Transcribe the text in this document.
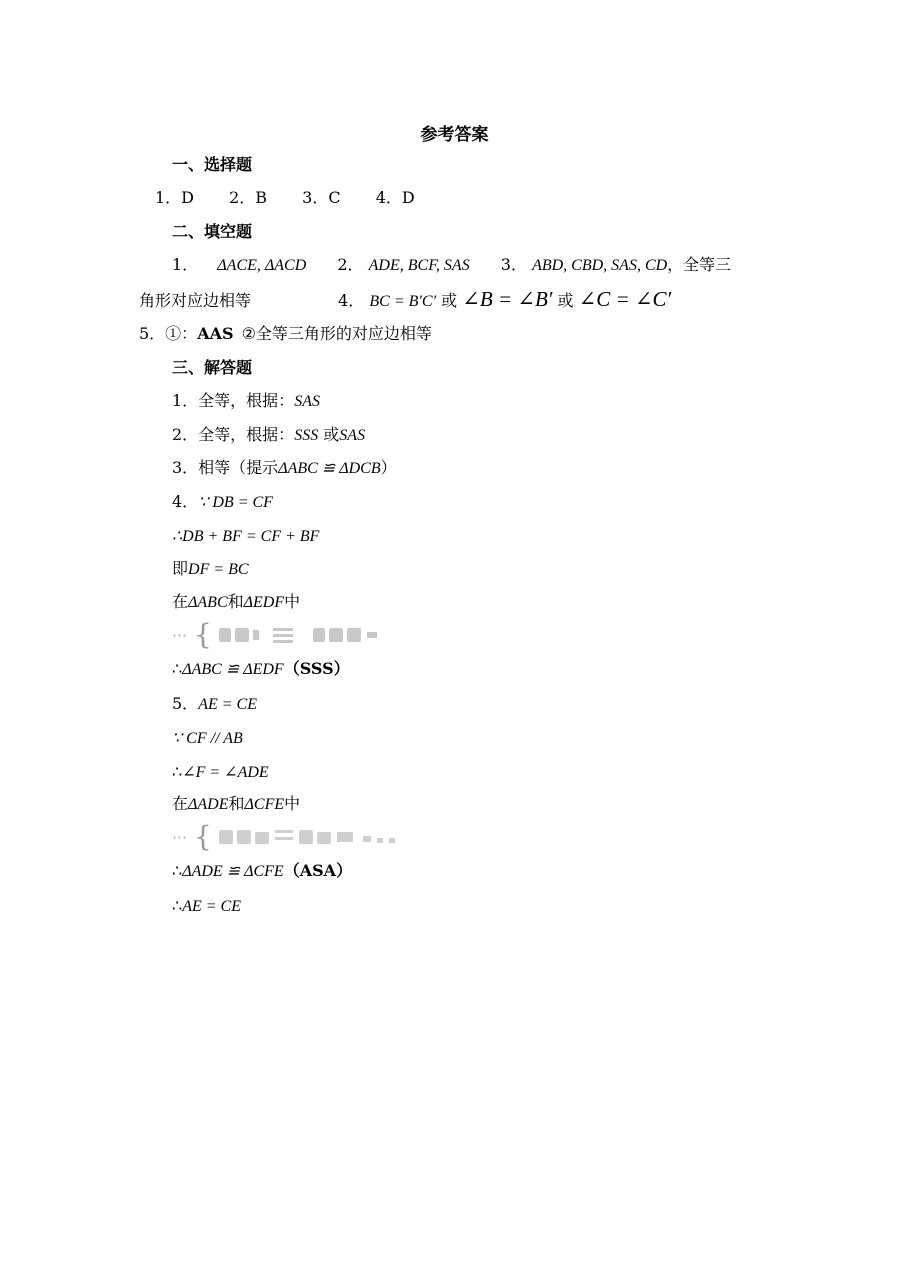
参考答案
一、选择题
1．D 2．B 3．C 4．D
二、填空题
1． ΔACE, ΔACD 2． ADE, BCF, SAS 3． ABD, CBD, SAS, CD，全等三
角形对应边相等	4． BC = B′C′ 或 ∠B = ∠B′ 或 ∠C = ∠C′
5．①：AAS ②全等三角形的对应边相等
三、解答题
1．全等，根据：SAS
2．全等，根据：SSS 或SAS
3．相等（提示ΔABC ≌ ΔDCB）
4．∵ DB = CF
∴DB + BF = CF + BF
即DF = BC
在ΔABC和ΔEDF中
⋯ {
∴ΔABC ≌ ΔEDF（SSS）
5．AE = CE
∵ CF // AB
∴∠F = ∠ADE
在ΔADE和ΔCFE中
⋯ {
∴ΔADE ≌ ΔCFE（ASA）
∴AE = CE
